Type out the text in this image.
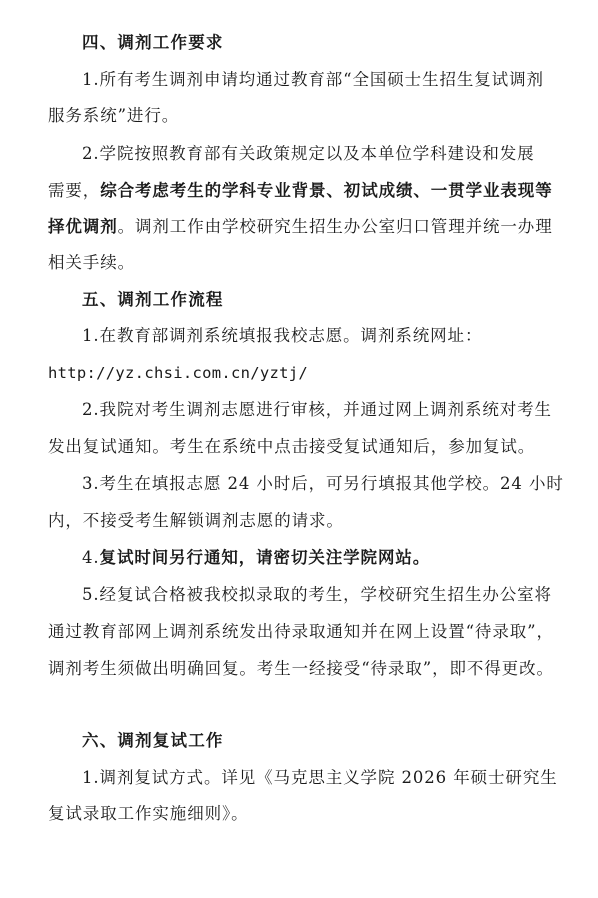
四、调剂工作要求
1.所有考生调剂申请均通过教育部“全国硕士生招生复试调剂
服务系统”进行。
2.学院按照教育部有关政策规定以及本单位学科建设和发展
需要，综合考虑考生的学科专业背景、初试成绩、一贯学业表现等
择优调剂。调剂工作由学校研究生招生办公室归口管理并统一办理
相关手续。
五、调剂工作流程
1.在教育部调剂系统填报我校志愿。调剂系统网址：
http://yz.chsi.com.cn/yztj/
2.我院对考生调剂志愿进行审核，并通过网上调剂系统对考生
发出复试通知。考生在系统中点击接受复试通知后，参加复试。
3.考生在填报志愿 24 小时后，可另行填报其他学校。24 小时
内，不接受考生解锁调剂志愿的请求。
4.复试时间另行通知，请密切关注学院网站。
5.经复试合格被我校拟录取的考生，学校研究生招生办公室将
通过教育部网上调剂系统发出待录取通知并在网上设置“待录取”，
调剂考生须做出明确回复。考生一经接受“待录取”，即不得更改。
六、调剂复试工作
1.调剂复试方式。详见《马克思主义学院 2026 年硕士研究生
复试录取工作实施细则》。
